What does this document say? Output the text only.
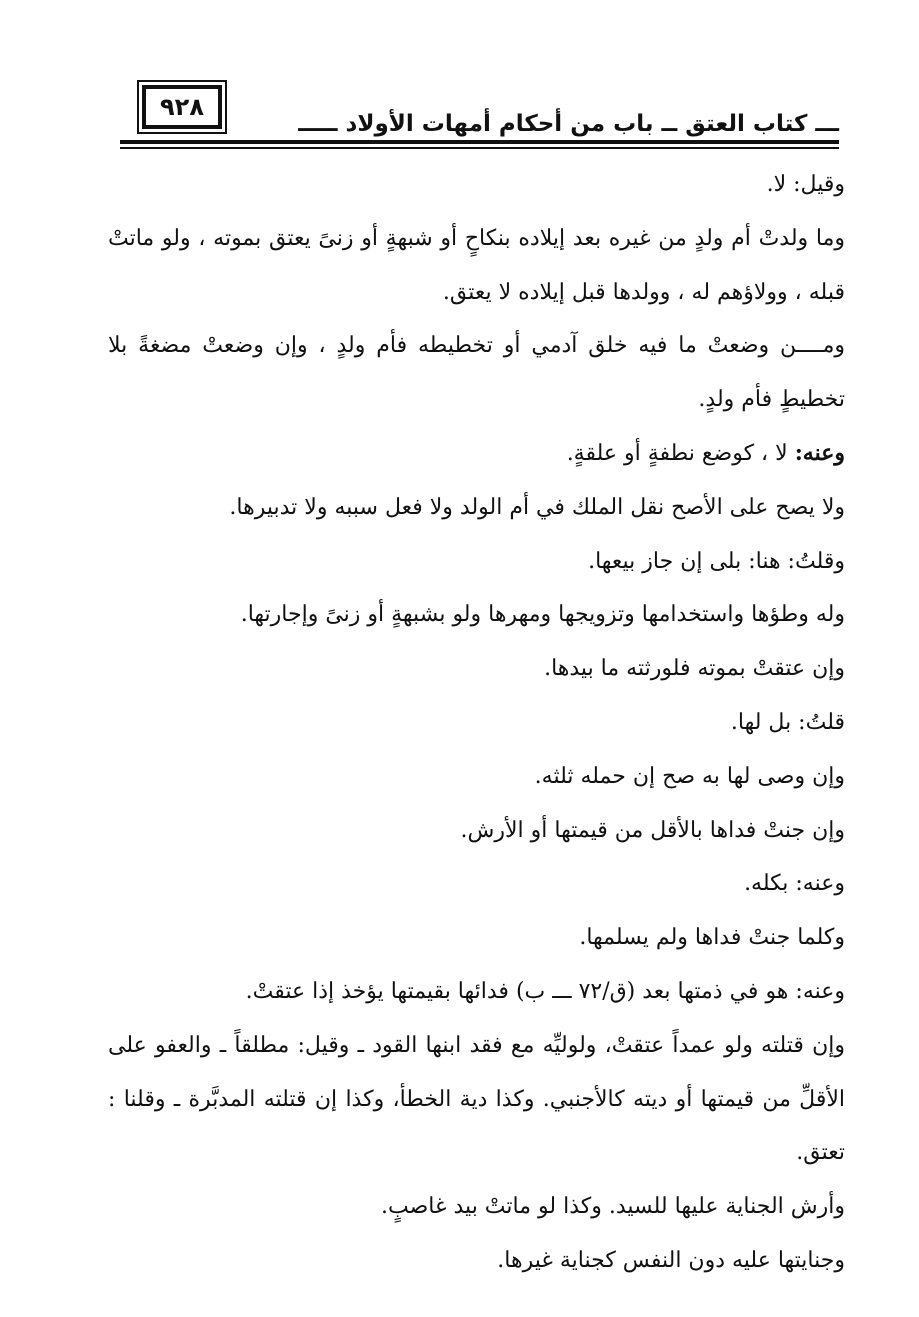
٩٢٨
ـــ كتاب العتق ــ باب من أحكام أمهات الأولاد ـــــ

وقيل: لا.

وما ولدتْ أم ولدٍ من غيره بعد إيلاده بنكاحٍ أو شبهةٍ أو زنىً يعتق بموته ، ولو ماتتْ قبله ، وولاؤهم له ، وولدها قبل إيلاده لا يعتق.

ومــــن وضعتْ ما فيه خلق آدمي أو تخطيطه فأم ولدٍ ، وإن وضعتْ مضغةً بلا تخطيطٍ فأم ولدٍ.

وعنه: لا ، كوضع نطفةٍ أو علقةٍ.

ولا يصح على الأصح نقل الملك في أم الولد ولا فعل سببه ولا تدبيرها.

وقلتُ: هنا: بلى إن جاز بيعها.

وله وطؤها واستخدامها وتزويجها ومهرها ولو بشبهةٍ أو زنىً وإجارتها.

وإن عتقتْ بموته فلورثته ما بيدها.

قلتُ: بل لها.

وإن وصى لها به صح إن حمله ثلثه.

وإن جنتْ فداها بالأقل من قيمتها أو الأرش.

وعنه: بكله.

وكلما جنتْ فداها ولم يسلمها.

وعنه: هو في ذمتها بعد (ق/٧٢ ـــ ب) فدائها بقيمتها يؤخذ إذا عتقتْ.

وإن قتلته ولو عمداً عتقتْ، ولوليِّه مع فقد ابنها القود ـ وقيل: مطلقاً ـ والعفو على الأقلِّ من قيمتها أو ديته كالأجنبي. وكذا دية الخطأ، وكذا إن قتلته المدبَّرة ـ وقلنا : تعتق.

وأرش الجناية عليها للسيد. وكذا لو ماتتْ بيد غاصبٍ.

وجنايتها عليه دون النفس كجناية غيرها.
